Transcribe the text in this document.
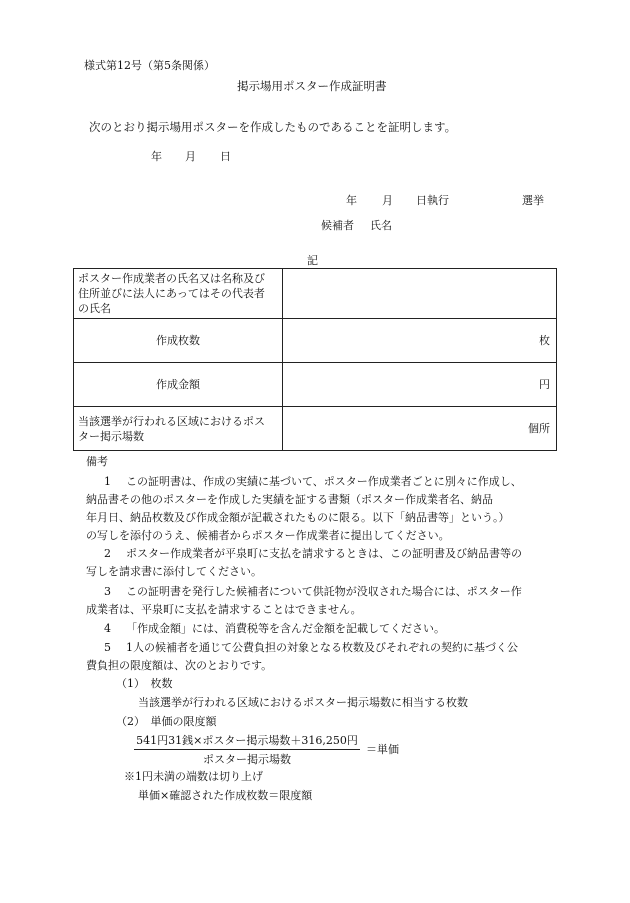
様式第12号（第5条関係）
掲示場用ポスター作成証明書
次のとおり掲示場用ポスターを作成したものであることを証明します。
年 月 日
年 月 日執行	選挙
候補者 氏名
記
ポスター作成業者の氏名又は名称及び
住所並びに法人にあってはその代表者
の氏名	

作成枚数	枚
作成金額	円

当該選挙が行われる区域におけるポス
ター掲示場数	個所
備考
1 この証明書は、作成の実績に基づいて、ポスター作成業者ごとに別々に作成し、
納品書その他のポスターを作成した実績を証する書類（ポスター作成業者名、納品
年月日、納品枚数及び作成金額が記載されたものに限る。以下「納品書等」という。）
の写しを添付のうえ、候補者からポスター作成業者に提出してください。
2 ポスター作成業者が平泉町に支払を請求するときは、この証明書及び納品書等の
写しを請求書に添付してください。
3 この証明書を発行した候補者について供託物が没収された場合には、ポスター作
成業者は、平泉町に支払を請求することはできません。
4 「作成金額」には、消費税等を含んだ金額を記載してください。
5 1人の候補者を通じて公費負担の対象となる枚数及びそれぞれの契約に基づく公
費負担の限度額は、次のとおりです。
（1）　枚数
当該選挙が行われる区域におけるポスター掲示場数に相当する枚数
（2）　単価の限度額
541円31銭×ポスター掲示場数＋316,250円
ポスター掲示場数
＝単価
※1円未満の端数は切り上げ
単価×確認された作成枚数＝限度額
